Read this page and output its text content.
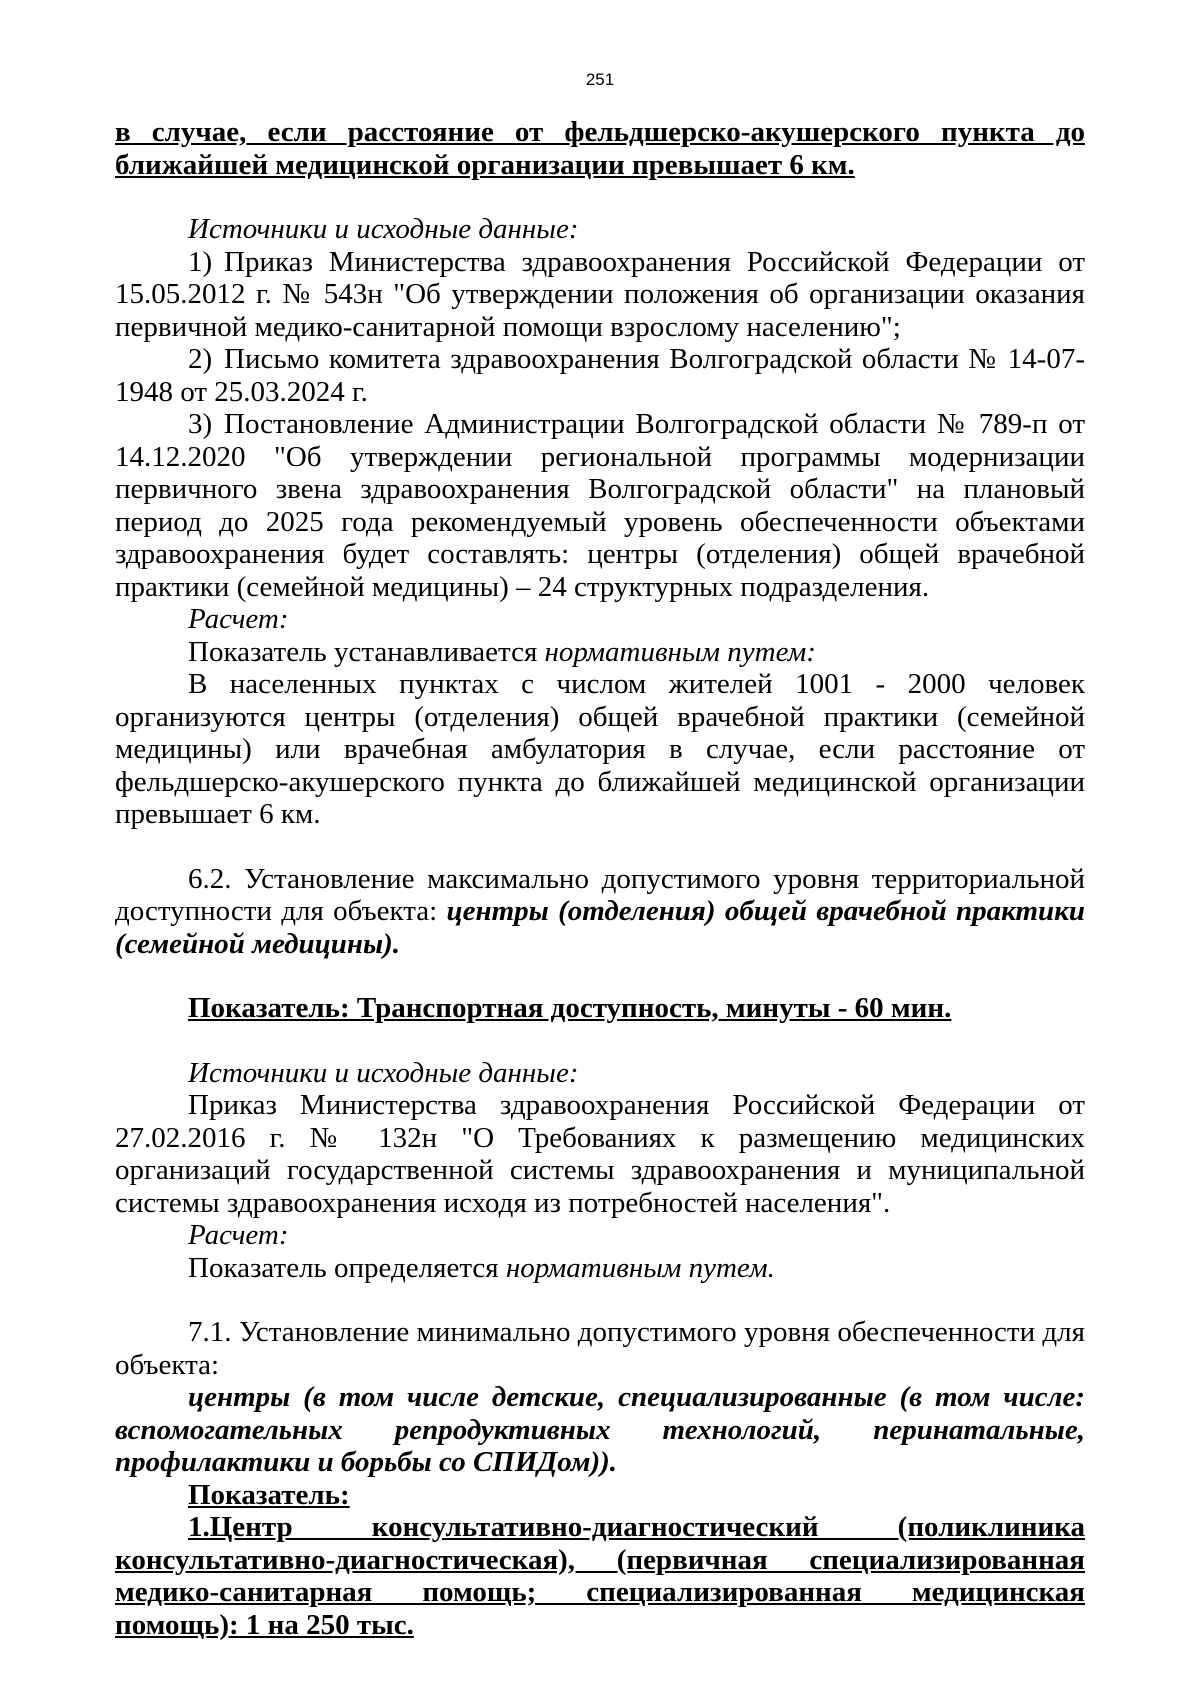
251

в случае, если расстояние от фельдшерско-акушерского пункта до ближайшей медицинской организации превышает 6 км.

Источники и исходные данные:

1) Приказ Министерства здравоохранения Российской Федерации от 15.05.2012 г. № 543н "Об утверждении положения об организации оказания первичной медико-санитарной помощи взрослому населению";

2) Письмо комитета здравоохранения Волгоградской области № 14-07-1948 от 25.03.2024 г.

3) Постановление Администрации Волгоградской области № 789-п от 14.12.2020 "Об утверждении региональной программы модернизации первичного звена здравоохранения Волгоградской области" на плановый период до 2025 года рекомендуемый уровень обеспеченности объектами здравоохранения будет составлять: центры (отделения) общей врачебной практики (семейной медицины) – 24 структурных подразделения.

Расчет:

Показатель устанавливается нормативным путем:

В населенных пунктах с числом жителей 1001 - 2000 человек организуются центры (отделения) общей врачебной практики (семейной медицины) или врачебная амбулатория в случае, если расстояние от фельдшерско-акушерского пункта до ближайшей медицинской организации превышает 6 км.

6.2. Установление максимально допустимого уровня территориальной доступности для объекта: центры (отделения) общей врачебной практики (семейной медицины).

Показатель: Транспортная доступность, минуты - 60 мин.

Источники и исходные данные:

Приказ Министерства здравоохранения Российской Федерации от 27.02.2016 г. № 132н "О Требованиях к размещению медицинских организаций государственной системы здравоохранения и муниципальной системы здравоохранения исходя из потребностей населения".

Расчет:

Показатель определяется нормативным путем.

7.1. Установление минимально допустимого уровня обеспеченности для объекта:

центры (в том числе детские, специализированные (в том числе: вспомогательных репродуктивных технологий, перинатальные, профилактики и борьбы со СПИДом)).

Показатель:

1.Центр консультативно-диагностический (поликлиника консультативно-диагностическая), (первичная специализированная медико-санитарная помощь; специализированная медицинская помощь): 1 на 250 тыс.
